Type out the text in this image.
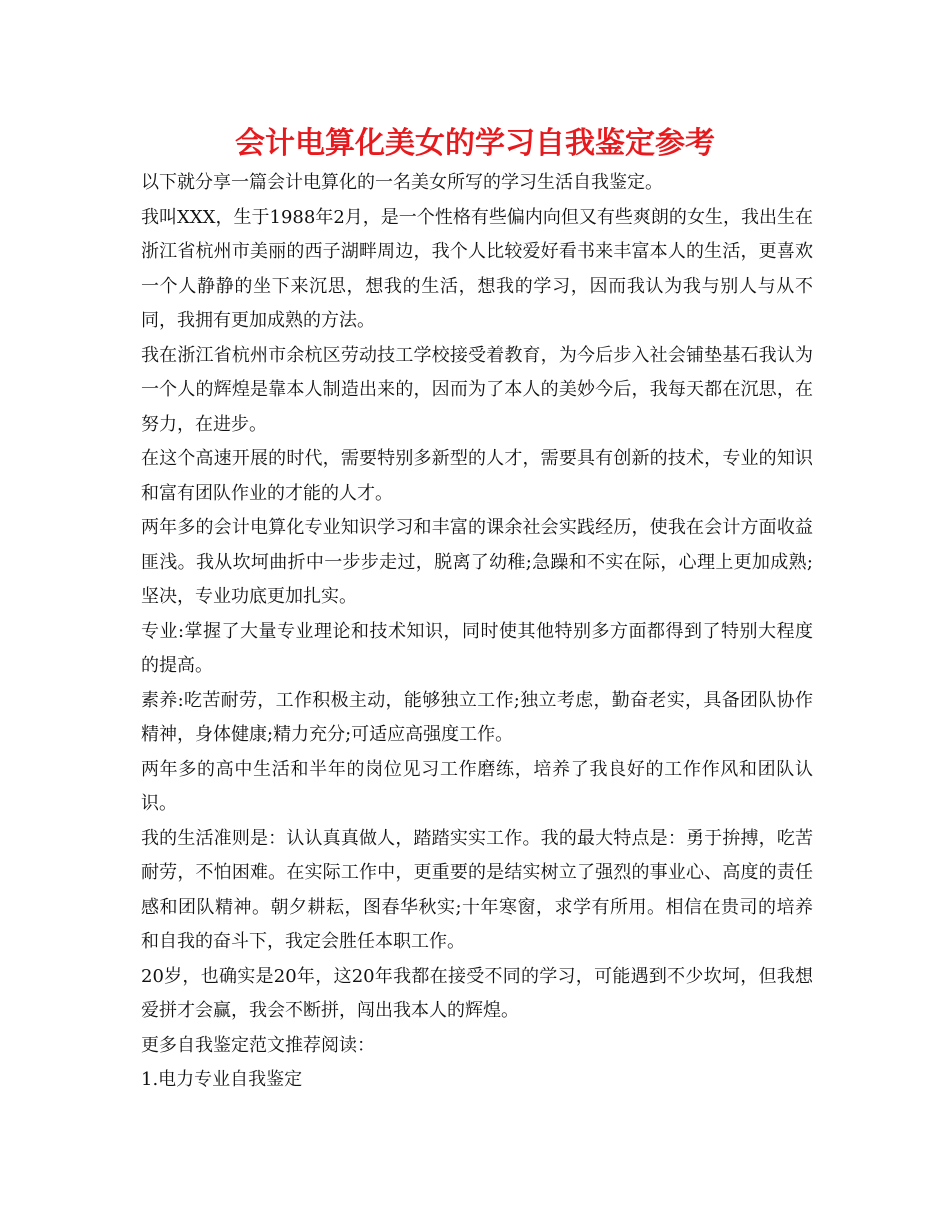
会计电算化美女的学习自我鉴定参考

以下就分享一篇会计电算化的一名美女所写的学习生活自我鉴定。

我叫XXX，生于1988年2月，是一个性格有些偏内向但又有些爽朗的女生，我出生在浙江省杭州市美丽的西子湖畔周边，我个人比较爱好看书来丰富本人的生活，更喜欢一个人静静的坐下来沉思，想我的生活，想我的学习，因而我认为我与别人与从不同，我拥有更加成熟的方法。

我在浙江省杭州市余杭区劳动技工学校接受着教育，为今后步入社会铺垫基石我认为一个人的辉煌是靠本人制造出来的，因而为了本人的美妙今后，我每天都在沉思，在努力，在进步。

在这个高速开展的时代，需要特别多新型的人才，需要具有创新的技术，专业的知识和富有团队作业的才能的人才。

两年多的会计电算化专业知识学习和丰富的课余社会实践经历，使我在会计方面收益匪浅。我从坎坷曲折中一步步走过，脱离了幼稚;急躁和不实在际，心理上更加成熟;坚决，专业功底更加扎实。

专业:掌握了大量专业理论和技术知识，同时使其他特别多方面都得到了特别大程度的提高。

素养:吃苦耐劳，工作积极主动，能够独立工作;独立考虑，勤奋老实，具备团队协作精神，身体健康;精力充分;可适应高强度工作。

两年多的高中生活和半年的岗位见习工作磨练，培养了我良好的工作作风和团队认识。

我的生活准则是：认认真真做人，踏踏实实工作。我的最大特点是：勇于拚搏，吃苦耐劳，不怕困难。在实际工作中，更重要的是结实树立了强烈的事业心、高度的责任感和团队精神。朝夕耕耘，图春华秋实;十年寒窗，求学有所用。相信在贵司的培养和自我的奋斗下，我定会胜任本职工作。

20岁，也确实是20年，这20年我都在接受不同的学习，可能遇到不少坎坷，但我想爱拼才会赢，我会不断拼，闯出我本人的辉煌。

更多自我鉴定范文推荐阅读：

1.电力专业自我鉴定
